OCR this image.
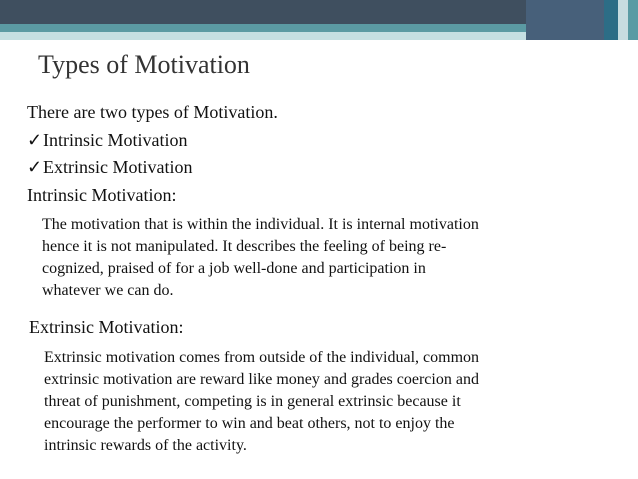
Types of Motivation
There are two types of Motivation.
✓Intrinsic Motivation
✓Extrinsic Motivation
Intrinsic Motivation:
The motivation that is within the individual. It is internal motivation
hence it is not manipulated. It describes the feeling of being re-
cognized, praised of for a job well-done and participation in
whatever we can do.
Extrinsic Motivation:
Extrinsic motivation comes from outside of the individual, common
extrinsic motivation are reward like money and grades coercion and
threat of punishment, competing is in general extrinsic because it
encourage the performer to win and beat others, not to enjoy the
intrinsic rewards of the activity.
